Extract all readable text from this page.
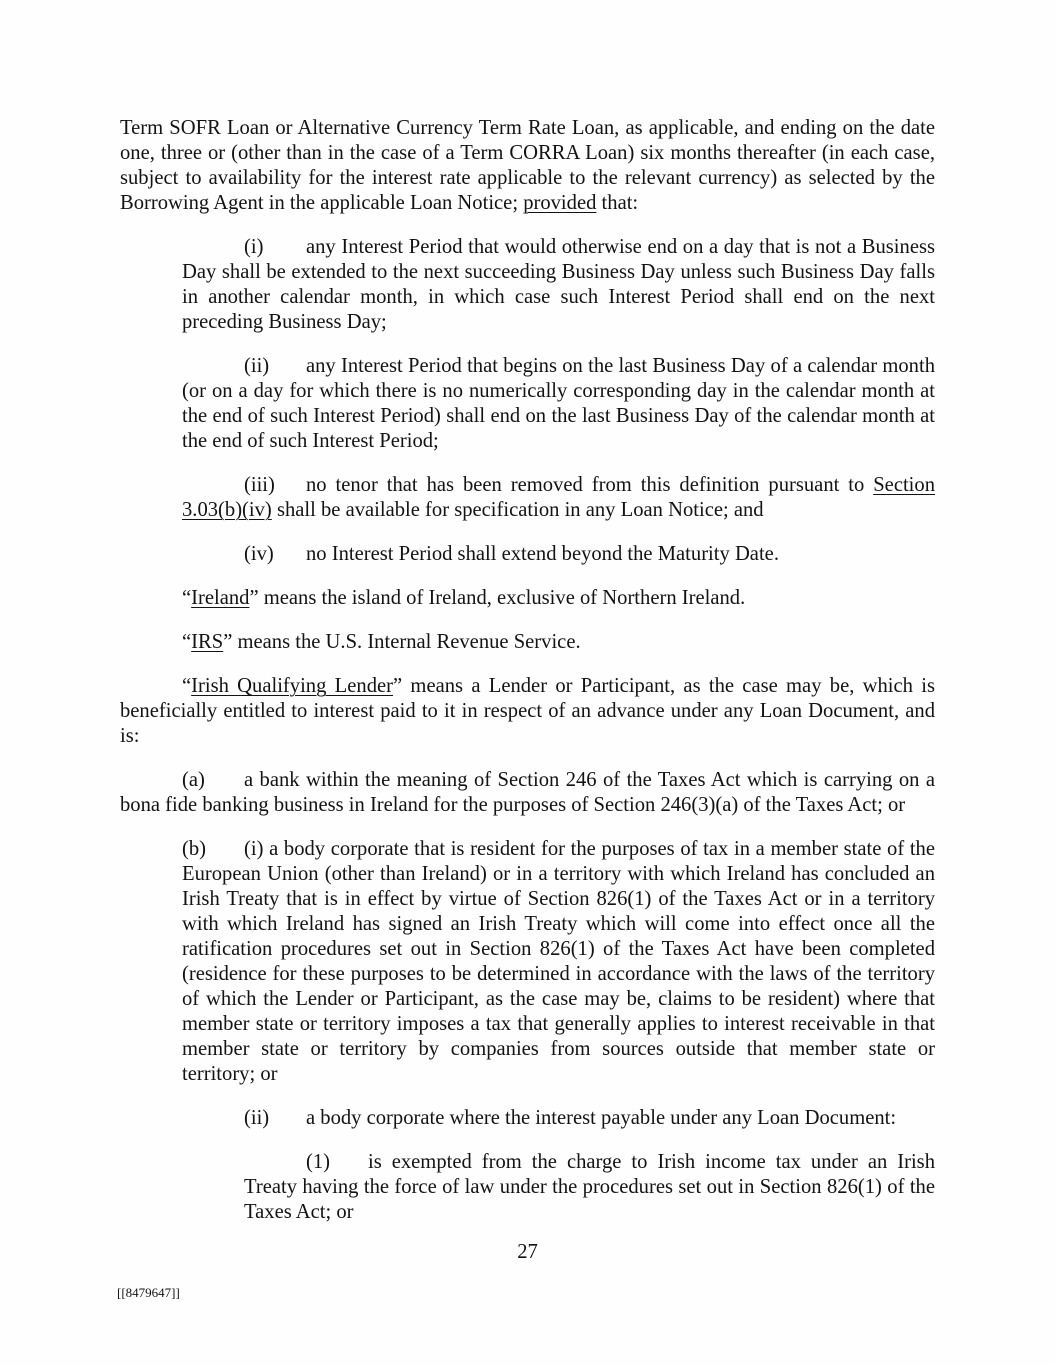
Term SOFR Loan or Alternative Currency Term Rate Loan, as applicable, and ending on the date one, three or (other than in the case of a Term CORRA Loan) six months thereafter (in each case, subject to availability for the interest rate applicable to the relevant currency) as selected by the Borrowing Agent in the applicable Loan Notice; provided that:

(i) any Interest Period that would otherwise end on a day that is not a Business Day shall be extended to the next succeeding Business Day unless such Business Day falls in another calendar month, in which case such Interest Period shall end on the next preceding Business Day;

(ii) any Interest Period that begins on the last Business Day of a calendar month (or on a day for which there is no numerically corresponding day in the calendar month at the end of such Interest Period) shall end on the last Business Day of the calendar month at the end of such Interest Period;

(iii) no tenor that has been removed from this definition pursuant to Section 3.03(b)(iv) shall be available for specification in any Loan Notice; and

(iv) no Interest Period shall extend beyond the Maturity Date.

“Ireland” means the island of Ireland, exclusive of Northern Ireland.

“IRS” means the U.S. Internal Revenue Service.

“Irish Qualifying Lender” means a Lender or Participant, as the case may be, which is beneficially entitled to interest paid to it in respect of an advance under any Loan Document, and is:

(a) a bank within the meaning of Section 246 of the Taxes Act which is carrying on a bona fide banking business in Ireland for the purposes of Section 246(3)(a) of the Taxes Act; or

(b) (i) a body corporate that is resident for the purposes of tax in a member state of the European Union (other than Ireland) or in a territory with which Ireland has concluded an Irish Treaty that is in effect by virtue of Section 826(1) of the Taxes Act or in a territory with which Ireland has signed an Irish Treaty which will come into effect once all the ratification procedures set out in Section 826(1) of the Taxes Act have been completed (residence for these purposes to be determined in accordance with the laws of the territory of which the Lender or Participant, as the case may be, claims to be resident) where that member state or territory imposes a tax that generally applies to interest receivable in that member state or territory by companies from sources outside that member state or territory; or

(ii) a body corporate where the interest payable under any Loan Document:

(1) is exempted from the charge to Irish income tax under an Irish Treaty having the force of law under the procedures set out in Section 826(1) of the Taxes Act; or

27
[[8479647]]
